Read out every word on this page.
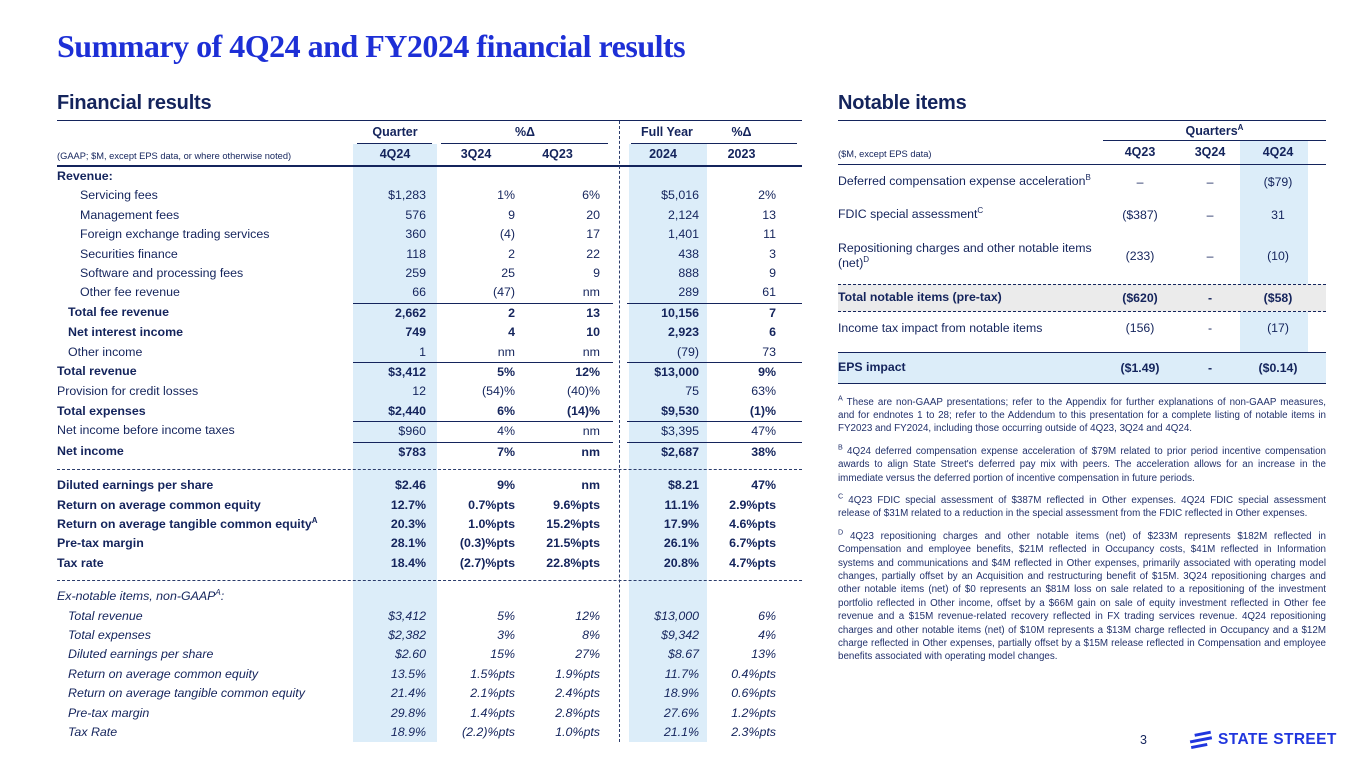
Summary of 4Q24 and FY2024 financial results
Financial results
Quarter	%Δ	Full Year	%Δ
(GAAP; $M, except EPS data, or where otherwise noted)	4Q24	3Q24	4Q23	2024	2023
Revenue:
Servicing fees	$1,283	1%	6%	$5,016	2%
Management fees	576	9	20	2,124	13
Foreign exchange trading services	360	(4)	17	1,401	11
Securities finance	118	2	22	438	3
Software and processing fees	259	25	9	888	9
Other fee revenue	66	(47)	nm	289	61
Total fee revenue	2,662	2	13	10,156	7
Net interest income	749	4	10	2,923	6
Other income	1	nm	nm	(79)	73
Total revenue	$3,412	5%	12%	$13,000	9%
Provision for credit losses	12	(54)%	(40)%	75	63%
Total expenses	$2,440	6%	(14)%	$9,530	(1)%
Net income before income taxes	$960	4%	nm	$3,395	47%
Net income	$783	7%	nm	$2,687	38%
Diluted earnings per share	$2.46	9%	nm	$8.21	47%
Return on average common equity	12.7%	0.7%pts	9.6%pts	11.1%	2.9%pts
Return on average tangible common equity$^A$	20.3%	1.0%pts	15.2%pts	17.9%	4.6%pts
Pre-tax margin	28.1%	(0.3)%pts	21.5%pts	26.1%	6.7%pts
Tax rate	18.4%	(2.7)%pts	22.8%pts	20.8%	4.7%pts
Ex-notable items, non-$GAAP^A$:
Total revenue	$3,412	5%	12%	$13,000	6%
Total expenses	$2,382	3%	8%	$9,342	4%
Diluted earnings per share	$2.60	15%	27%	$8.67	13%
Return on average common equity	13.5%	1.5%pts	1.9%pts	11.7%	0.4%pts
Return on average tangible common equity	21.4%	2.1%pts	2.4%pts	18.9%	0.6%pts
Pre-tax margin	29.8%	1.4%pts	2.8%pts	27.6%	1.2%pts
Tax Rate	18.9%	(2.2)%pts	1.0%pts	21.1%	2.3%pts
Notable items
Quarters$^A$
($M, except EPS data)	4Q23	3Q24	4Q24
Deferred compensation expense acceleration$^B$	–	–	($79)
FDIC special assessment$^C$	($387)	–	31
Repositioning charges and other notable items (net)$^D$	(233)	–	(10)
Total notable items (pre-tax)	($620)	-	($58)
Income tax impact from notable items	(156)	-	(17)
EPS impact	($1.49)	-	($0.14)

$^A$ These are non-GAAP presentations; refer to the Appendix for further explanations of non-GAAP measures, and for endnotes 1 to 28; refer to the Addendum to this presentation for a complete listing of notable items in FY2023 and FY2024, including those occurring outside of 4Q23, 3Q24 and 4Q24.

$^B$ 4Q24 deferred compensation expense acceleration of $79M related to prior period incentive compensation awards to align State Street's deferred pay mix with peers. The acceleration allows for an increase in the immediate versus the deferred portion of incentive compensation in future periods.

$^C$ 4Q23 FDIC special assessment of $387M reflected in Other expenses. 4Q24 FDIC special assessment release of $31M related to a reduction in the special assessment from the FDIC reflected in Other expenses.

$^D$ 4Q23 repositioning charges and other notable items (net) of $233M represents $182M reflected in Compensation and employee benefits, $21M reflected in Occupancy costs, $41M reflected in Information systems and communications and $4M reflected in Other expenses, primarily associated with operating model changes, partially offset by an Acquisition and restructuring benefit of $15M. 3Q24 repositioning charges and other notable items (net) of $0 represents an $81M loss on sale related to a repositioning of the investment portfolio reflected in Other income, offset by a $66M gain on sale of equity investment reflected in Other fee revenue and a $15M revenue-related recovery reflected in FX trading services revenue. 4Q24 repositioning charges and other notable items (net) of $10M represents a $13M charge reflected in Occupancy and a $12M charge reflected in Other expenses, partially offset by a $15M release reflected in Compensation and employee benefits associated with operating model changes.

3	STATE STREET
